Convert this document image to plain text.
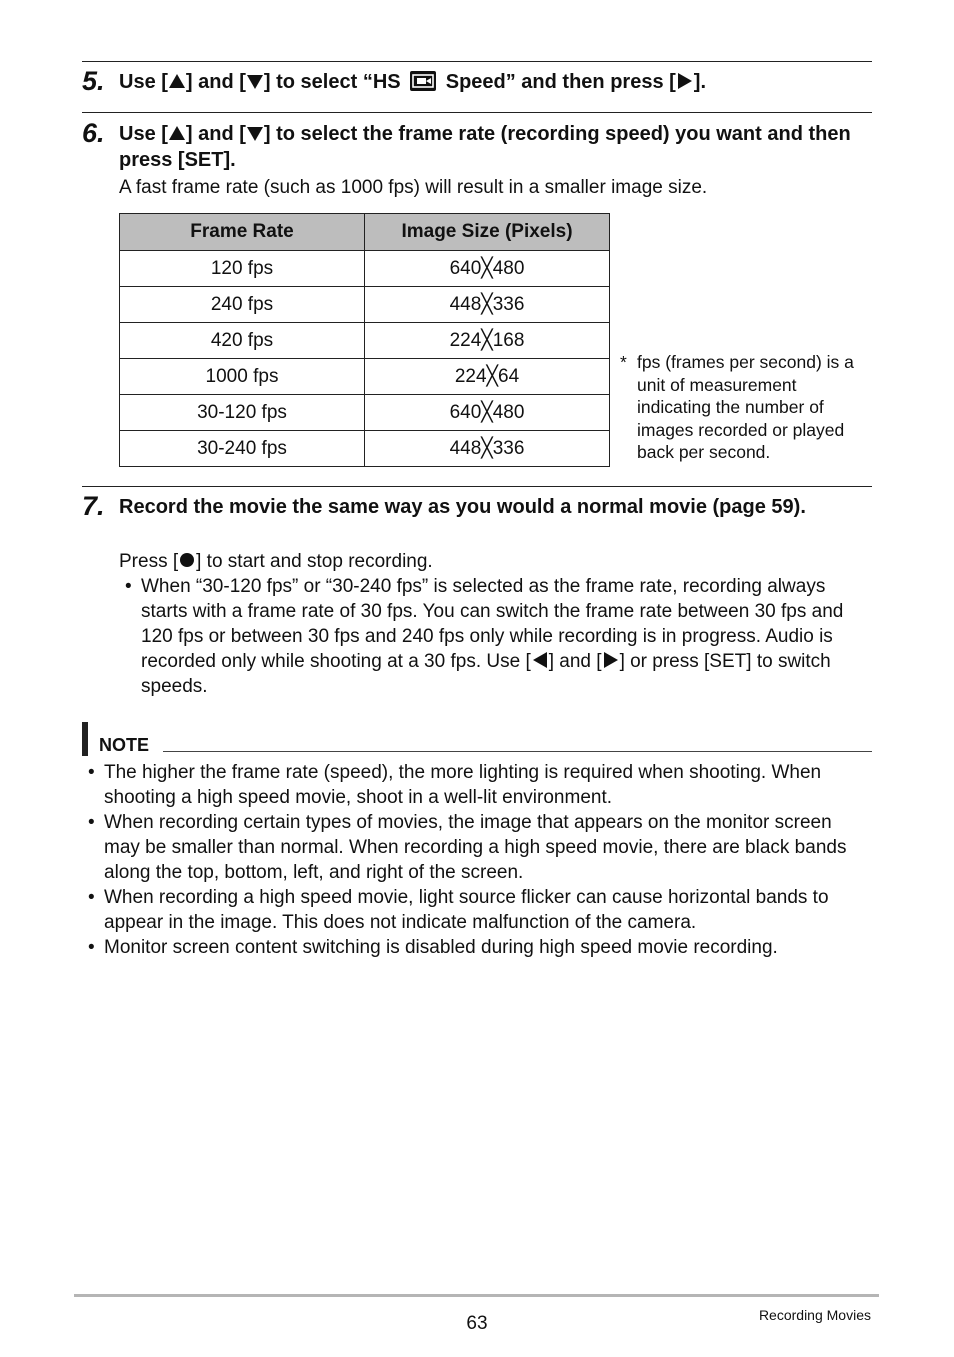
5. Use [ ] and [ ] to select “HS Speed” and then press [ ].
6. Use [ ] and [ ] to select the frame rate (recording speed) you want and then press [SET].
A fast frame rate (such as 1000 fps) will result in a smaller image size.
Frame Rate	Image Size (Pixels)
120 fps	640╳480
240 fps	448╳336
420 fps	224╳168
1000 fps	224╳64
30-120 fps	640╳480
30-240 fps	448╳336
* fps (frames per second) is a unit of measurement indicating the number of images recorded or played back per second.
7. Record the movie the same way as you would a normal movie (page 59).
Press [ ] to start and stop recording.
• When “30-120 fps” or “30-240 fps” is selected as the frame rate, recording always starts with a frame rate of 30 fps. You can switch the frame rate between 30 fps and 120 fps or between 30 fps and 240 fps only while recording is in progress. Audio is recorded only while shooting at a 30 fps. Use [ ] and [ ] or press [SET] to switch speeds.
NOTE
• The higher the frame rate (speed), the more lighting is required when shooting. When shooting a high speed movie, shoot in a well-lit environment.
• When recording certain types of movies, the image that appears on the monitor screen may be smaller than normal. When recording a high speed movie, there are black bands along the top, bottom, left, and right of the screen.
• When recording a high speed movie, light source flicker can cause horizontal bands to appear in the image. This does not indicate malfunction of the camera.
• Monitor screen content switching is disabled during high speed movie recording.
63	Recording Movies
